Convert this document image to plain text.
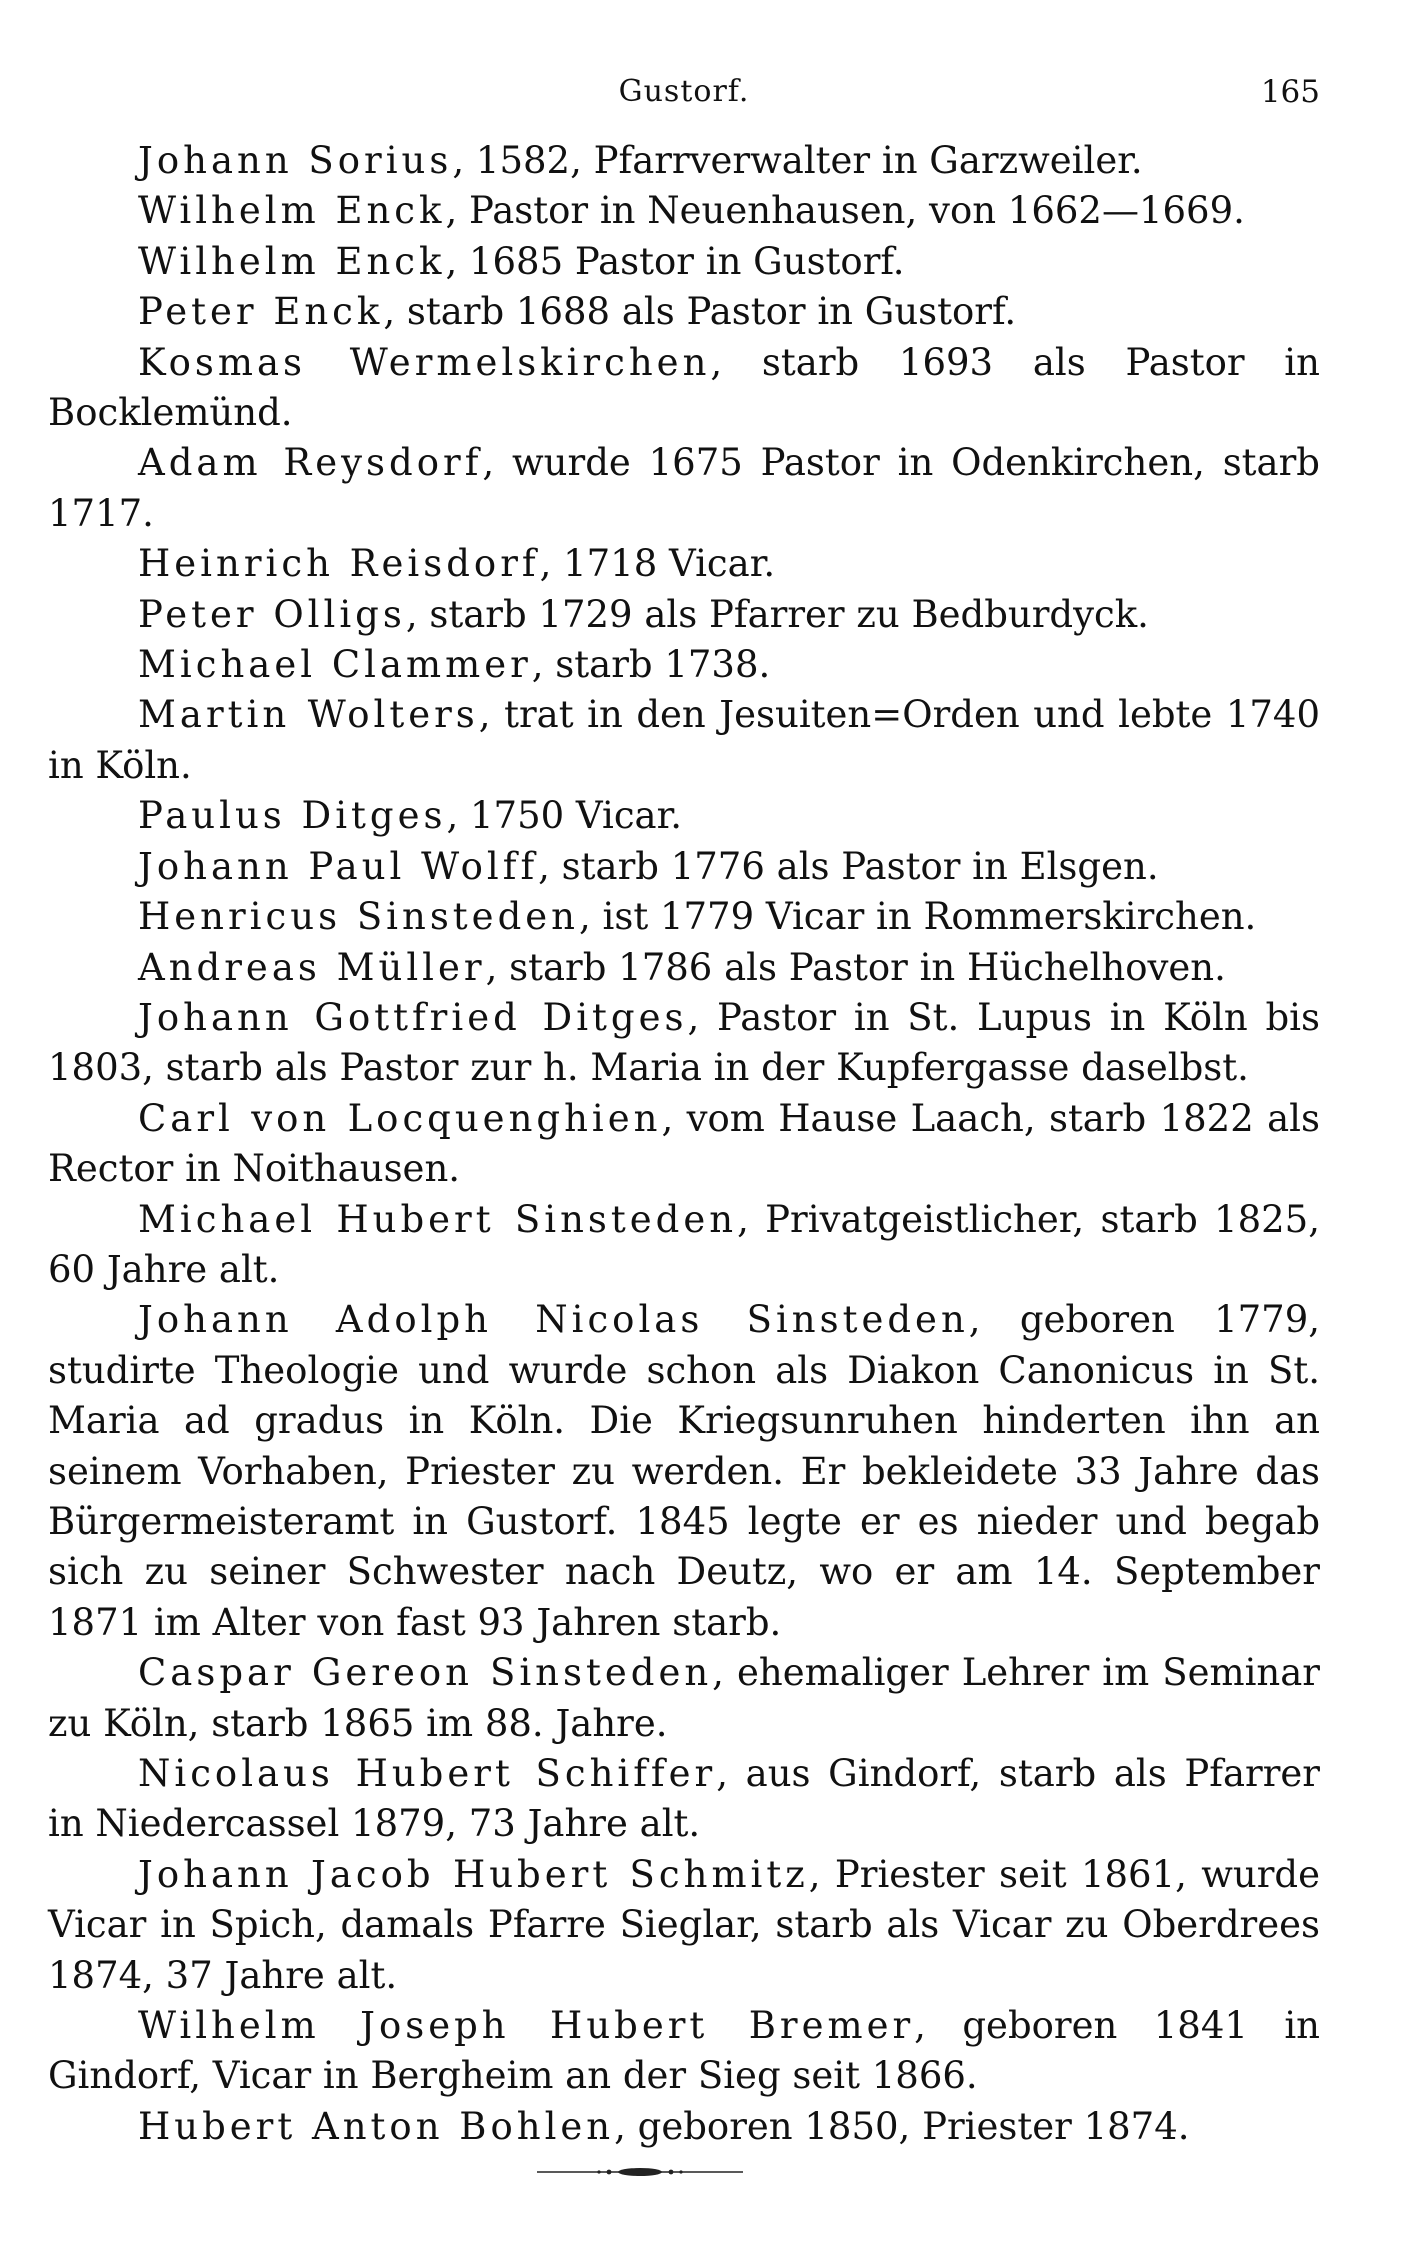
Gustorf.	165

Johann Sorius, 1582, Pfarrverwalter in Garzweiler.

Wilhelm Enck, Pastor in Neuenhausen, von 1662—1669.

Wilhelm Enck, 1685 Pastor in Gustorf.

Peter Enck, starb 1688 als Pastor in Gustorf.

Kosmas Wermelskirchen, starb 1693 als Pastor in Bocklemünd.

Adam Reysdorf, wurde 1675 Pastor in Odenkirchen, starb 1717.

Heinrich Reisdorf, 1718 Vicar.

Peter Olligs, starb 1729 als Pfarrer zu Bedburdyck.

Michael Clammer, starb 1738.

Martin Wolters, trat in den Jesuiten=Orden und lebte 1740 in Köln.

Paulus Ditges, 1750 Vicar.

Johann Paul Wolff, starb 1776 als Pastor in Elsgen.

Henricus Sinsteden, ist 1779 Vicar in Rommerskirchen.

Andreas Müller, starb 1786 als Pastor in Hüchelhoven.

Johann Gottfried Ditges, Pastor in St. Lupus in Köln bis 1803, starb als Pastor zur h. Maria in der Kupfergasse daselbst.

Carl von Locquenghien, vom Hause Laach, starb 1822 als Rector in Noithausen.

Michael Hubert Sinsteden, Privatgeistlicher, starb 1825, 60 Jahre alt.

Johann Adolph Nicolas Sinsteden, geboren 1779, studirte Theologie und wurde schon als Diakon Canonicus in St. Maria ad gradus in Köln. Die Kriegsunruhen hinderten ihn an seinem Vorhaben, Priester zu werden. Er bekleidete 33 Jahre das Bürgermeisteramt in Gustorf. 1845 legte er es nieder und begab sich zu seiner Schwester nach Deutz, wo er am 14. September 1871 im Alter von fast 93 Jahren starb.

Caspar Gereon Sinsteden, ehemaliger Lehrer im Seminar zu Köln, starb 1865 im 88. Jahre.

Nicolaus Hubert Schiffer, aus Gindorf, starb als Pfarrer in Niedercassel 1879, 73 Jahre alt.

Johann Jacob Hubert Schmitz, Priester seit 1861, wurde Vicar in Spich, damals Pfarre Sieglar, starb als Vicar zu Oberdrees 1874, 37 Jahre alt.

Wilhelm Joseph Hubert Bremer, geboren 1841 in Gindorf, Vicar in Bergheim an der Sieg seit 1866.

Hubert Anton Bohlen, geboren 1850, Priester 1874.
